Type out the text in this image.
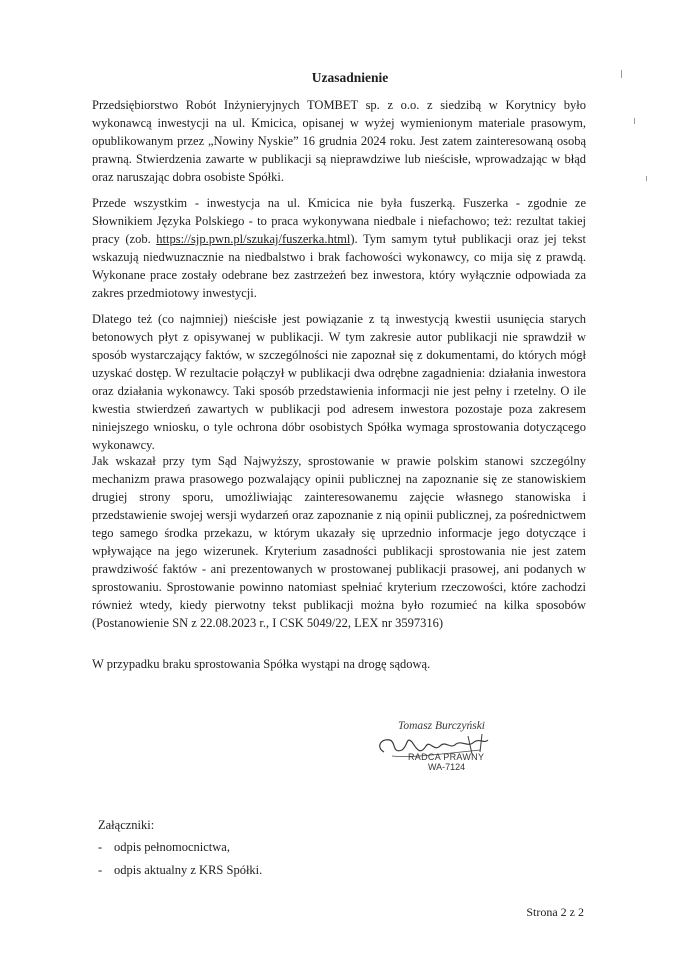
Uzasadnienie

Przedsiębiorstwo Robót Inżynieryjnych TOMBET sp. z o.o. z siedzibą w Korytnicy było wykonawcą inwestycji na ul. Kmicica, opisanej w wyżej wymienionym materiale prasowym, opublikowanym przez „Nowiny Nyskie” 16 grudnia 2024 roku. Jest zatem zainteresowaną osobą prawną. Stwierdzenia zawarte w publikacji są nieprawdziwe lub nieścisłe, wprowadzając w błąd oraz naruszając dobra osobiste Spółki.

Przede wszystkim - inwestycja na ul. Kmicica nie była fuszerką. Fuszerka - zgodnie ze Słownikiem Języka Polskiego - to praca wykonywana niedbale i niefachowo; też: rezultat takiej pracy (zob. https://sjp.pwn.pl/szukaj/fuszerka.html). Tym samym tytuł publikacji oraz jej tekst wskazują niedwuznacznie na niedbalstwo i brak fachowości wykonawcy, co mija się z prawdą. Wykonane prace zostały odebrane bez zastrzeżeń bez inwestora, który wyłącznie odpowiada za zakres przedmiotowy inwestycji.

Dlatego też (co najmniej) nieścisłe jest powiązanie z tą inwestycją kwestii usunięcia starych betonowych płyt z opisywanej w publikacji. W tym zakresie autor publikacji nie sprawdził w sposób wystarczający faktów, w szczególności nie zapoznał się z dokumentami, do których mógł uzyskać dostęp. W rezultacie połączył w publikacji dwa odrębne zagadnienia: działania inwestora oraz działania wykonawcy. Taki sposób przedstawienia informacji nie jest pełny i rzetelny. O ile kwestia stwierdzeń zawartych w publikacji pod adresem inwestora pozostaje poza zakresem niniejszego wniosku, o tyle ochrona dóbr osobistych Spółka wymaga sprostowania dotyczącego wykonawcy.

Jak wskazał przy tym Sąd Najwyższy, sprostowanie w prawie polskim stanowi szczególny mechanizm prawa prasowego pozwalający opinii publicznej na zapoznanie się ze stanowiskiem drugiej strony sporu, umożliwiając zainteresowanemu zajęcie własnego stanowiska i przedstawienie swojej wersji wydarzeń oraz zapoznanie z nią opinii publicznej, za pośrednictwem tego samego środka przekazu, w którym ukazały się uprzednio informacje jego dotyczące i wpływające na jego wizerunek. Kryterium zasadności publikacji sprostowania nie jest zatem prawdziwość faktów - ani prezentowanych w prostowanej publikacji prasowej, ani podanych w sprostowaniu. Sprostowanie powinno natomiast spełniać kryterium rzeczowości, które zachodzi również wtedy, kiedy pierwotny tekst publikacji można było rozumieć na kilka sposobów (Postanowienie SN z 22.08.2023 r., I CSK 5049/22, LEX nr 3597316)

W przypadku braku sprostowania Spółka wystąpi na drogę sądową.

Tomasz Burczyński
RADCA PRAWNY
WA-7124

Załączniki:

- odpis pełnomocnictwa,
- odpis aktualny z KRS Spółki.
Strona 2 z 2
